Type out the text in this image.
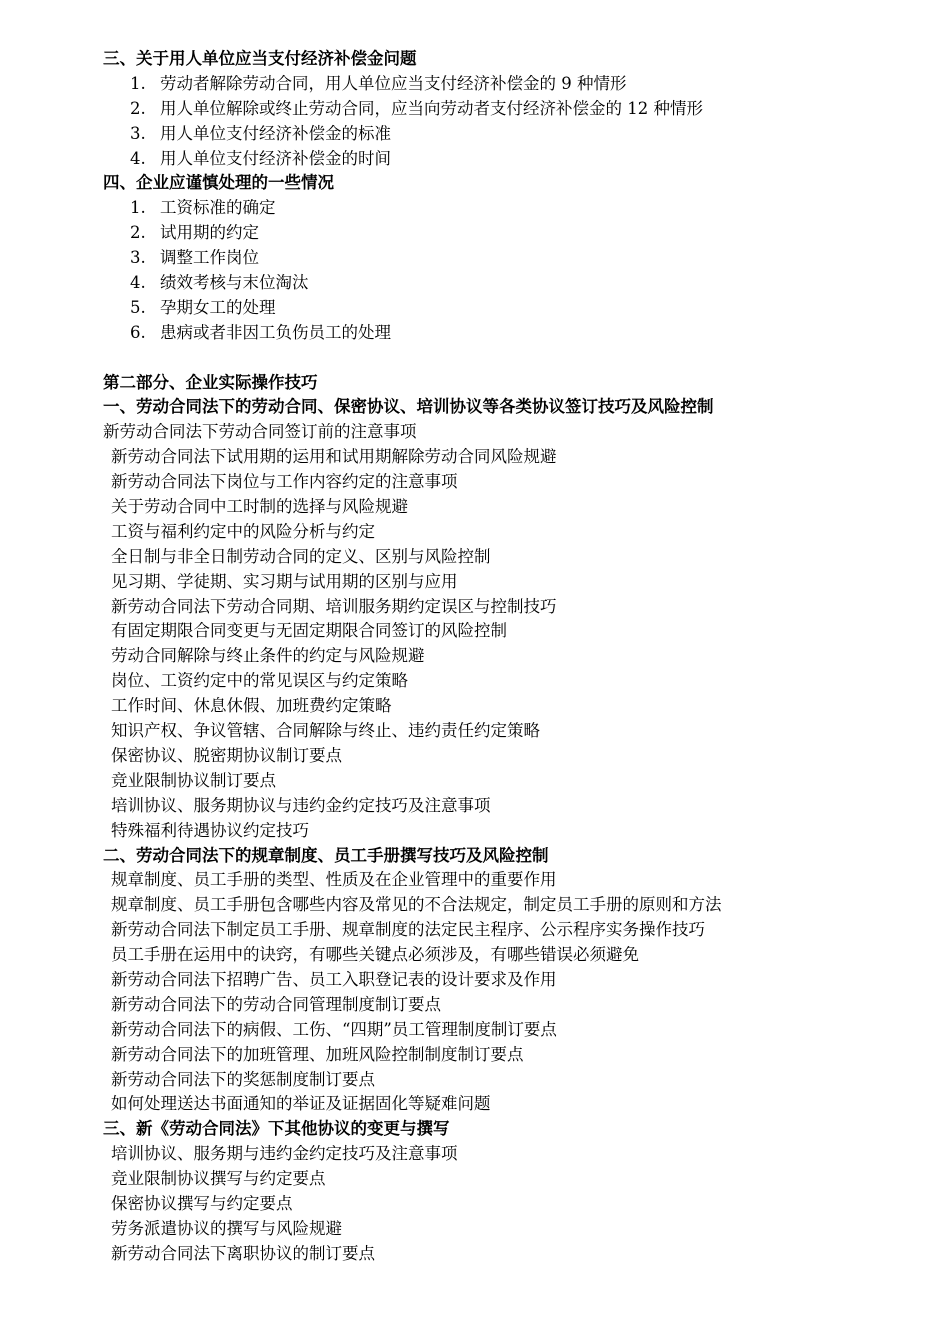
三、关于用人单位应当支付经济补偿金问题
1. 劳动者解除劳动合同，用人单位应当支付经济补偿金的 9 种情形
2. 用人单位解除或终止劳动合同，应当向劳动者支付经济补偿金的 12 种情形
3. 用人单位支付经济补偿金的标准
4. 用人单位支付经济补偿金的时间
四、企业应谨慎处理的一些情况
1. 工资标准的确定
2. 试用期的约定
3. 调整工作岗位
4. 绩效考核与末位淘汰
5. 孕期女工的处理
6. 患病或者非因工负伤员工的处理
第二部分、企业实际操作技巧
一、劳动合同法下的劳动合同、保密协议、培训协议等各类协议签订技巧及风险控制
新劳动合同法下劳动合同签订前的注意事项
新劳动合同法下试用期的运用和试用期解除劳动合同风险规避
新劳动合同法下岗位与工作内容约定的注意事项
关于劳动合同中工时制的选择与风险规避
工资与福利约定中的风险分析与约定
全日制与非全日制劳动合同的定义、区别与风险控制
见习期、学徒期、实习期与试用期的区别与应用
新劳动合同法下劳动合同期、培训服务期约定误区与控制技巧
有固定期限合同变更与无固定期限合同签订的风险控制
劳动合同解除与终止条件的约定与风险规避
岗位、工资约定中的常见误区与约定策略
工作时间、休息休假、加班费约定策略
知识产权、争议管辖、合同解除与终止、违约责任约定策略
保密协议、脱密期协议制订要点
竞业限制协议制订要点
培训协议、服务期协议与违约金约定技巧及注意事项
特殊福利待遇协议约定技巧
二、劳动合同法下的规章制度、员工手册撰写技巧及风险控制
规章制度、员工手册的类型、性质及在企业管理中的重要作用
规章制度、员工手册包含哪些内容及常见的不合法规定，制定员工手册的原则和方法
新劳动合同法下制定员工手册、规章制度的法定民主程序、公示程序实务操作技巧
员工手册在运用中的诀窍，有哪些关键点必须涉及，有哪些错误必须避免
新劳动合同法下招聘广告、员工入职登记表的设计要求及作用
新劳动合同法下的劳动合同管理制度制订要点
新劳动合同法下的病假、工伤、“四期”员工管理制度制订要点
新劳动合同法下的加班管理、加班风险控制制度制订要点
新劳动合同法下的奖惩制度制订要点
如何处理送达书面通知的举证及证据固化等疑难问题
三、新《劳动合同法》下其他协议的变更与撰写
培训协议、服务期与违约金约定技巧及注意事项
竞业限制协议撰写与约定要点
保密协议撰写与约定要点
劳务派遣协议的撰写与风险规避
新劳动合同法下离职协议的制订要点
